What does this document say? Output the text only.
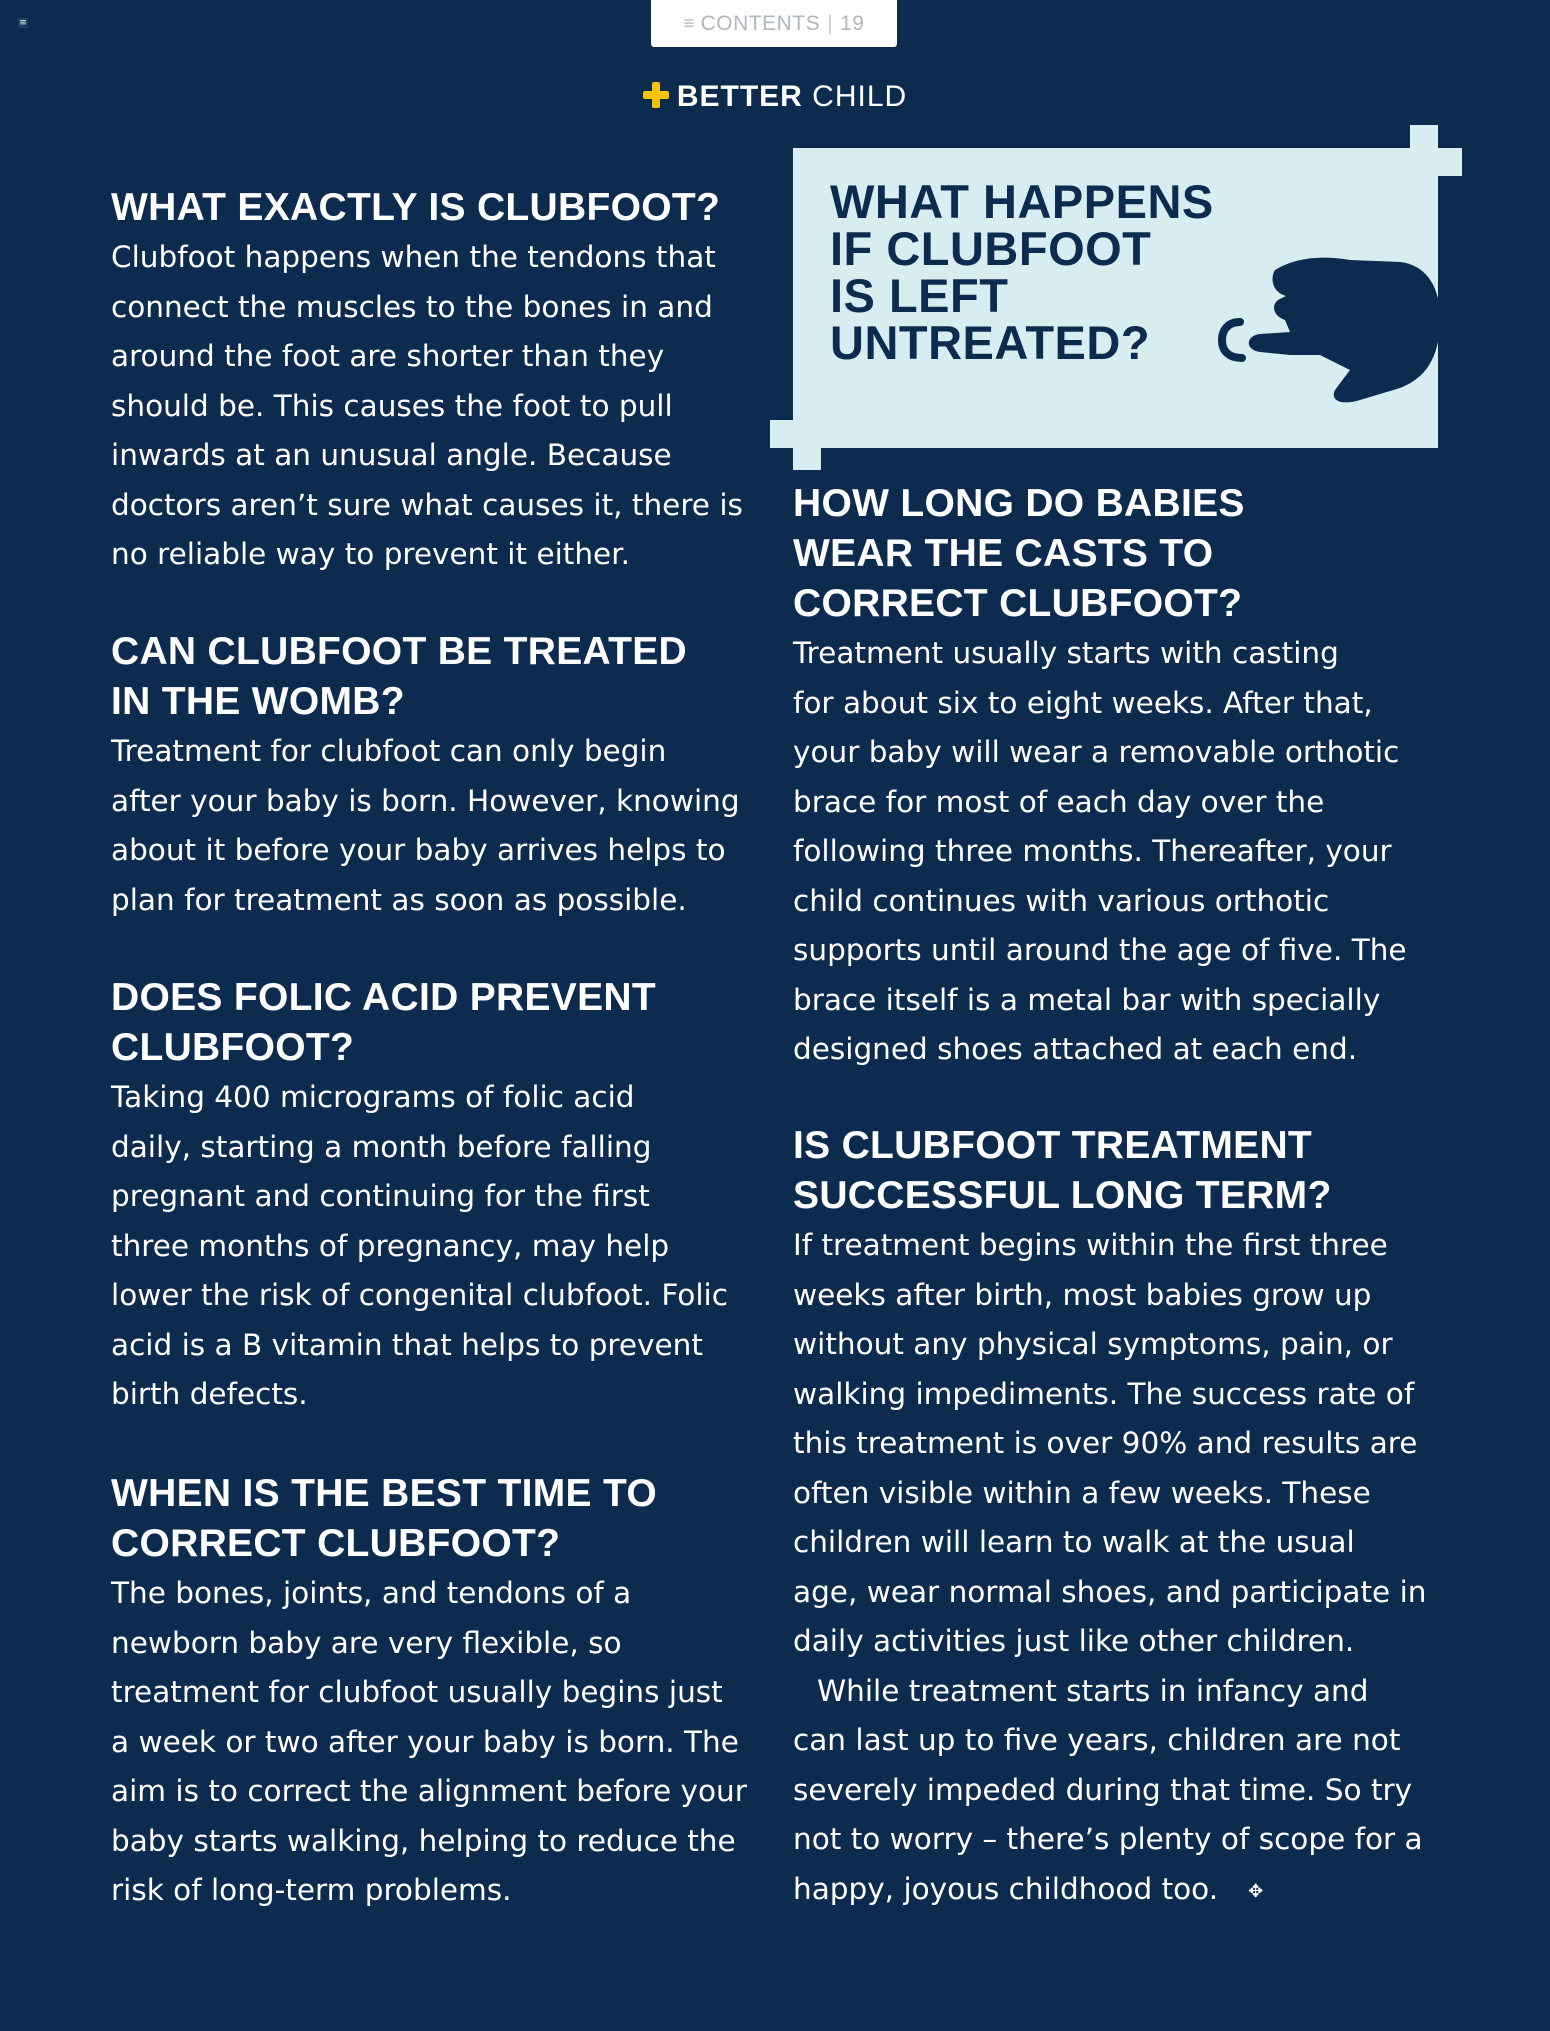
≡	≡ CONTENTS | 19
BETTER CHILD
WHAT HAPPENS
IF CLUBFOOT
IS LEFT
UNTREATED?
WHAT EXACTLY IS CLUBFOOT?

Clubfoot happens when the tendons that
connect the muscles to the bones in and
around the foot are shorter than they
should be. This causes the foot to pull
inwards at an unusual angle. Because
doctors aren’t sure what causes it, there is
no reliable way to prevent it either.

CAN CLUBFOOT BE TREATED
IN THE WOMB?

Treatment for clubfoot can only begin
after your baby is born. However, knowing
about it before your baby arrives helps to
plan for treatment as soon as possible.

DOES FOLIC ACID PREVENT
CLUBFOOT?

Taking 400 micrograms of folic acid
daily, starting a month before falling
pregnant and continuing for the first
three months of pregnancy, may help
lower the risk of congenital clubfoot. Folic
acid is a B vitamin that helps to prevent
birth defects.

WHEN IS THE BEST TIME TO
CORRECT CLUBFOOT?

The bones, joints, and tendons of a
newborn baby are very flexible, so
treatment for clubfoot usually begins just
a week or two after your baby is born. The
aim is to correct the alignment before your
baby starts walking, helping to reduce the
risk of long-term problems.

HOW LONG DO BABIES
WEAR THE CASTS TO
CORRECT CLUBFOOT?

Treatment usually starts with casting
for about six to eight weeks. After that,
your baby will wear a removable orthotic
brace for most of each day over the
following three months. Thereafter, your
child continues with various orthotic
supports until around the age of five. The
brace itself is a metal bar with specially
designed shoes attached at each end.

IS CLUBFOOT TREATMENT
SUCCESSFUL LONG TERM?

If treatment begins within the first three
weeks after birth, most babies grow up
without any physical symptoms, pain, or
walking impediments. The success rate of
this treatment is over 90% and results are
often visible within a few weeks. These
children will learn to walk at the usual
age, wear normal shoes, and participate in
daily activities just like other children.

While treatment starts in infancy and
can last up to five years, children are not
severely impeded during that time. So try
not to worry – there’s plenty of scope for a
happy, joyous childhood too. ✥
